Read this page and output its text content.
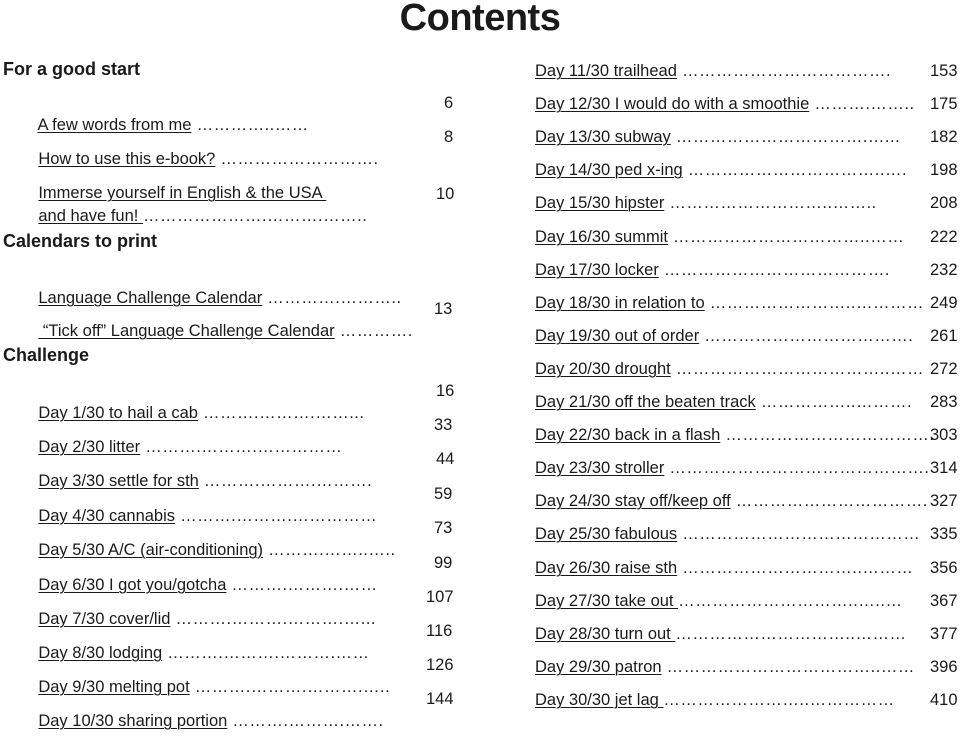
Contents
For a good start

A few words from me …………..……
6

How to use this e-book? ……………………….
8

Immerse yourself in English & the USA

and have fun! ………………….……….……..
10

Calendars to print

Language Challenge Calendar ………….………..

“Tick off” Language Challenge Calendar ………….
13

Challenge

Day 1/30 to hail a cab ……….……….……...
16

Day 2/30 litter ……….……….……………
33

Day 3/30 settle for sth ……….……….……….
44

Day 4/30 cannabis ……….……….……………
59

Day 5/30 A/C (air-conditioning) ……….……..…..
73

Day 6/30 I got you/gotcha ……….……….……
99

Day 7/30 cover/lid ……….……….……….…...
107

Day 8/30 lodging ……….……….……….……
116

Day 9/30 melting pot ……….……….……….…..
126

Day 10/30 sharing portion ……….……….…….
144

Day 11/30 trailhead ………………………………. 153
Day 12/30 I would do with a smoothie ……….…….. 175
Day 13/30 subway …………………………….…... 182
Day 14/30 ped x-ing ……………………………..…. 198
Day 15/30 hipster ………………………..……..	208
Day 16/30 summit ……………………………..…… 222
Day 17/30 locker …………………………………. 232
Day 18/30 in relation to ……………………..………… 249
Day 19/30 out of order ………………………………. 261
Day 20/30 drought ………………………………..…… 272
Day 21/30 off the beaten track ……………..………. 283
Day 22/30 back in a flash ……………………………….
303
Day 23/30 stroller ………………………………………. 314
Day 24/30 stay off/keep off ……………………………. 327
Day 25/30 fabulous …………………………………… 335
Day 26/30 raise sth …………………………..……… 356
Day 27/30 take out …………………………..…..… 367
Day 28/30 turn out …………………………..……… 377
Day 29/30 patron ………………………………..…… 396
Day 30/30 jet lag ……………………..…………… 410
